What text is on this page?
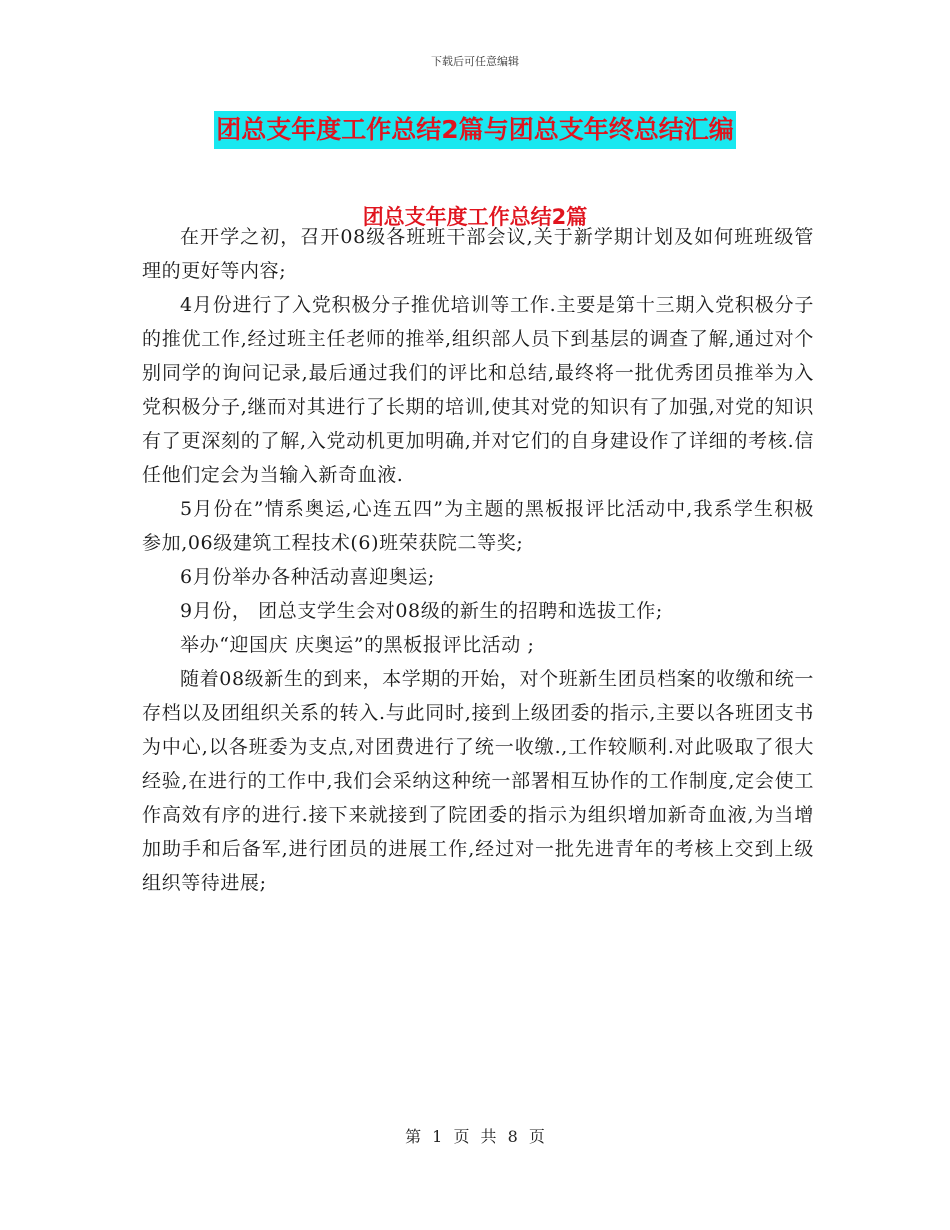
下载后可任意编辑
团总支年度工作总结2篇与团总支年终总结汇编
团总支年度工作总结2篇

在开学之初，召开08级各班班干部会议,关于新学期计划及如何班班级管理的更好等内容;

4月份进行了入党积极分子推优培训等工作.主要是第十三期入党积极分子的推优工作,经过班主任老师的推举,组织部人员下到基层的调查了解,通过对个别同学的询问记录,最后通过我们的评比和总结,最终将一批优秀团员推举为入党积极分子,继而对其进行了长期的培训,使其对党的知识有了加强,对党的知识有了更深刻的了解,入党动机更加明确,并对它们的自身建设作了详细的考核.信任他们定会为当输入新奇血液.

5月份在”情系奥运,心连五四”为主题的黑板报评比活动中,我系学生积极参加,06级建筑工程技术(6)班荣获院二等奖;

6月份举办各种活动喜迎奥运;

9月份， 团总支学生会对08级的新生的招聘和选拔工作;

举办“迎国庆 庆奥运”的黑板报评比活动 ;

随着08级新生的到来，本学期的开始，对个班新生团员档案的收缴和统一存档以及团组织关系的转入.与此同时,接到上级团委的指示,主要以各班团支书为中心,以各班委为支点,对团费进行了统一收缴.,工作较顺利.对此吸取了很大经验,在进行的工作中,我们会采纳这种统一部署相互协作的工作制度,定会使工作高效有序的进行.接下来就接到了院团委的指示为组织增加新奇血液,为当增加助手和后备军,进行团员的进展工作,经过对一批先进青年的考核上交到上级组织等待进展;

第 1 页 共 8 页
